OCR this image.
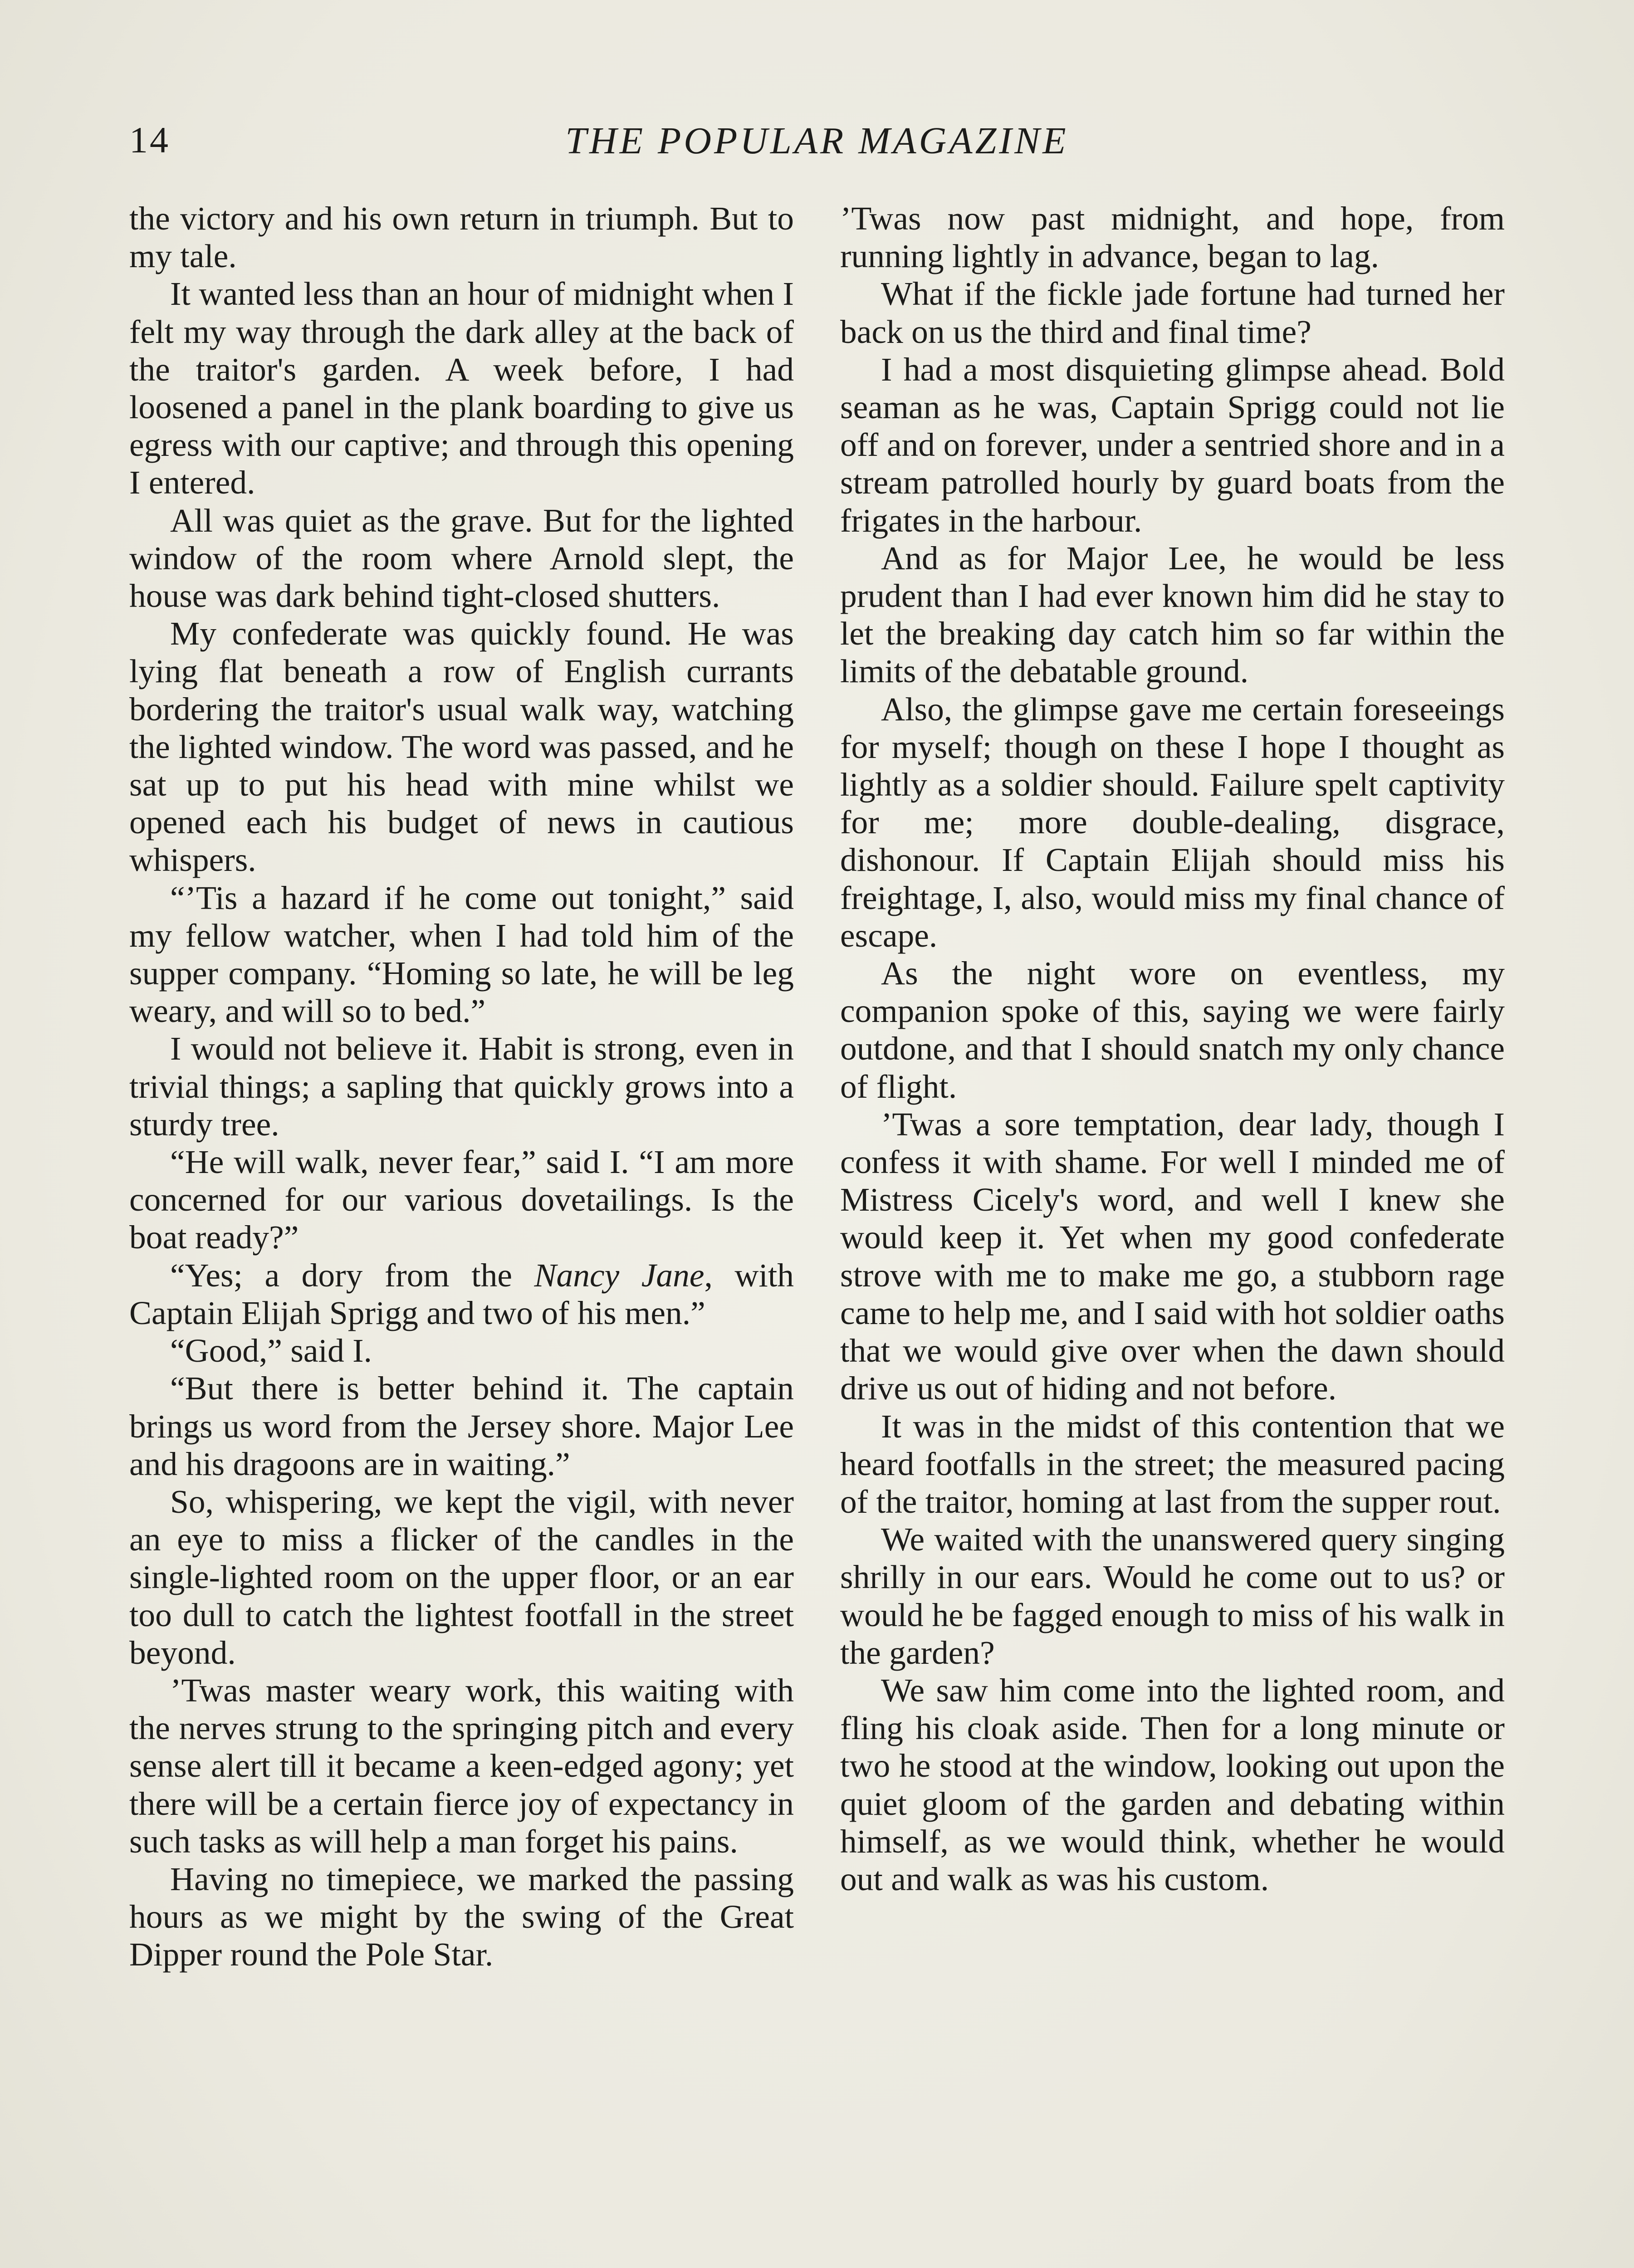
14	THE POPULAR MAGAZINE

the victory and his own return in triumph. But to my tale.

It wanted less than an hour of midnight when I felt my way through the dark alley at the back of the traitor's garden. A week before, I had loosened a panel in the plank boarding to give us egress with our captive; and through this opening I entered.

All was quiet as the grave. But for the lighted window of the room where Arnold slept, the house was dark behind tight-closed shutters.

My confederate was quickly found. He was lying flat beneath a row of English currants bordering the traitor's usual walk way, watching the lighted window. The word was passed, and he sat up to put his head with mine whilst we opened each his budget of news in cautious whispers.

“’Tis a hazard if he come out tonight,” said my fellow watcher, when I had told him of the supper company. “Homing so late, he will be leg weary, and will so to bed.”

I would not believe it. Habit is strong, even in trivial things; a sapling that quickly grows into a sturdy tree.

“He will walk, never fear,” said I. “I am more concerned for our various dovetailings. Is the boat ready?”

“Yes; a dory from the Nancy Jane, with Captain Elijah Sprigg and two of his men.”

“Good,” said I.

“But there is better behind it. The captain brings us word from the Jersey shore. Major Lee and his dragoons are in waiting.”

So, whispering, we kept the vigil, with never an eye to miss a flicker of the candles in the single-lighted room on the upper floor, or an ear too dull to catch the lightest footfall in the street beyond.

’Twas master weary work, this waiting with the nerves strung to the springing pitch and every sense alert till it became a keen-edged agony; yet there will be a certain fierce joy of expectancy in such tasks as will help a man forget his pains.

Having no timepiece, we marked the passing hours as we might by the swing of the Great Dipper round the Pole Star.

’Twas now past midnight, and hope, from running lightly in advance, began to lag.

What if the fickle jade fortune had turned her back on us the third and final time?

I had a most disquieting glimpse ahead. Bold seaman as he was, Captain Sprigg could not lie off and on forever, under a sentried shore and in a stream patrolled hourly by guard boats from the frigates in the harbour.

And as for Major Lee, he would be less prudent than I had ever known him did he stay to let the breaking day catch him so far within the limits of the debatable ground.

Also, the glimpse gave me certain foreseeings for myself; though on these I hope I thought as lightly as a soldier should. Failure spelt captivity for me; more double-dealing, disgrace, dishonour. If Captain Elijah should miss his freightage, I, also, would miss my final chance of escape.

As the night wore on eventless, my companion spoke of this, saying we were fairly outdone, and that I should snatch my only chance of flight.

’Twas a sore temptation, dear lady, though I confess it with shame. For well I minded me of Mistress Cicely's word, and well I knew she would keep it. Yet when my good confederate strove with me to make me go, a stubborn rage came to help me, and I said with hot soldier oaths that we would give over when the dawn should drive us out of hiding and not before.

It was in the midst of this contention that we heard footfalls in the street; the measured pacing of the traitor, homing at last from the supper rout.

We waited with the unanswered query singing shrilly in our ears. Would he come out to us? or would he be fagged enough to miss of his walk in the garden?

We saw him come into the lighted room, and fling his cloak aside. Then for a long minute or two he stood at the window, looking out upon the quiet gloom of the garden and debating within himself, as we would think, whether he would out and walk as was his custom.
